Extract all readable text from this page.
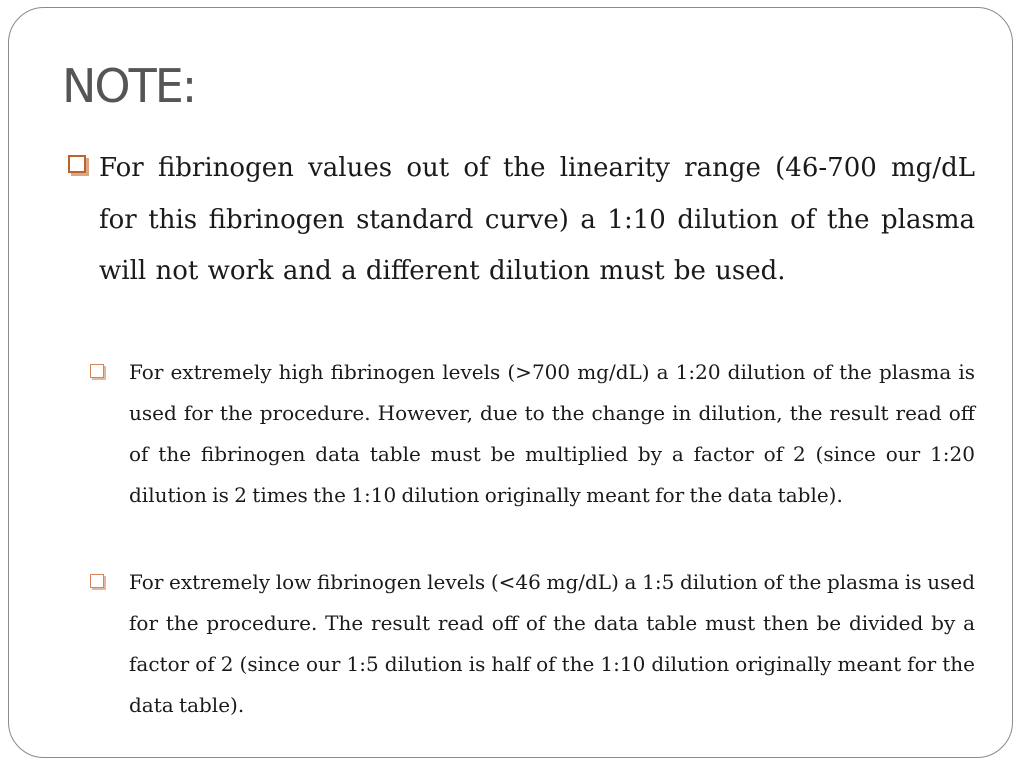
NOTE:

For fibrinogen values out of the linearity range (46-700 mg/dL for this fibrinogen standard curve) a 1:10 dilution of the plasma will not work and a different dilution must be used.

For extremely high fibrinogen levels (>700 mg/dL) a 1:20 dilution of the plasma is used for the procedure. However, due to the change in dilution, the result read off of the fibrinogen data table must be multiplied by a factor of 2 (since our 1:20 dilution is 2 times the 1:10 dilution originally meant for the data table).

For extremely low fibrinogen levels (<46 mg/dL) a 1:5 dilution of the plasma is used for the procedure. The result read off of the data table must then be divided by a factor of 2 (since our 1:5 dilution is half of the 1:10 dilution originally meant for the data table).
